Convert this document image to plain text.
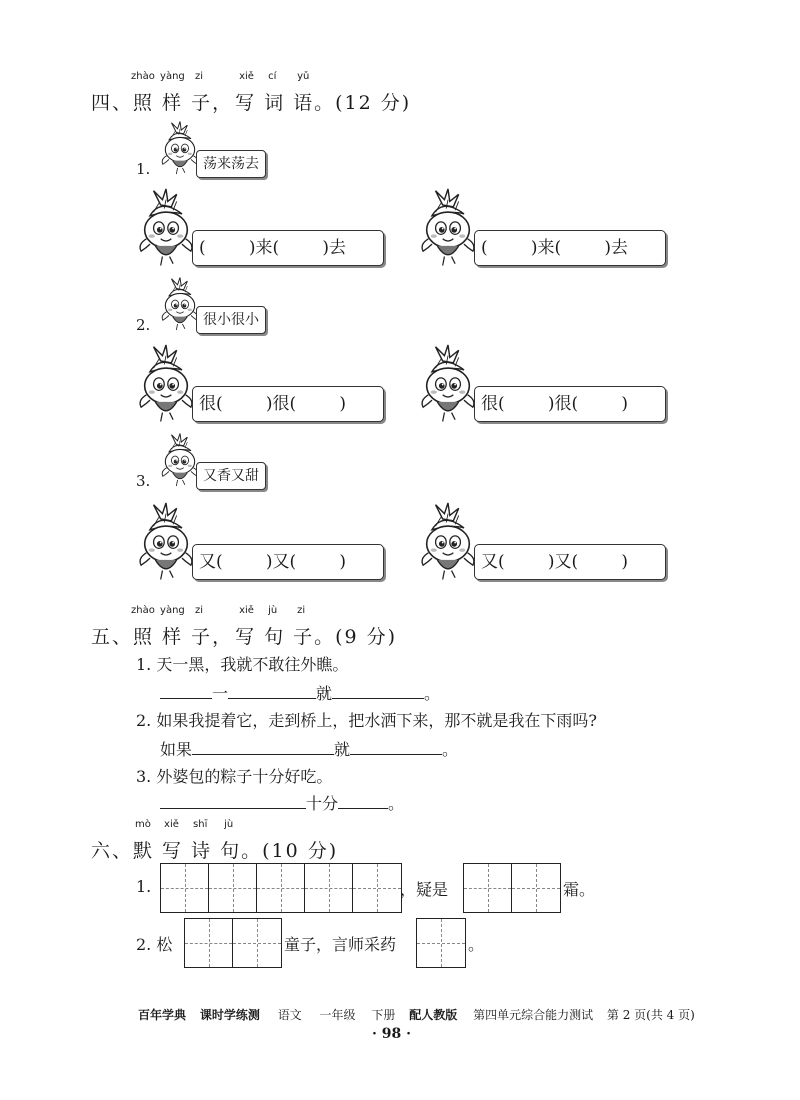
四、
zhào
照
yàng
样
zi
子，
xiě
写
cí
词
yǔ
语。(12 分)
1.	荡来荡去
(        )来(        )去	(        )来(        )去
2.	很小很小
很(        )很(        )	很(        )很(        )
3.	又香又甜
又(        )又(        )	又(        )又(        )
五、
zhào
照
yàng
样
zi
子，
xiě
写
jù
句
zi
子。(9 分)
1. 天一黑，我就不敢往外瞧。
一	就	。
2. 如果我提着它，走到桥上，把水洒下来，那不就是我在下雨吗?
如果	就	。
3. 外婆包的粽子十分好吃。
十分	。
六、
mò
默
xiě
写
shī
诗
jù
句。(10 分)
1.	，疑是	霜。
2. 松	童子，言师采药	。
百年学典 课时学练测 语文 一年级 下册 配人教版 第四单元综合能力测试 第 2 页(共 4 页)
· 98 ·
